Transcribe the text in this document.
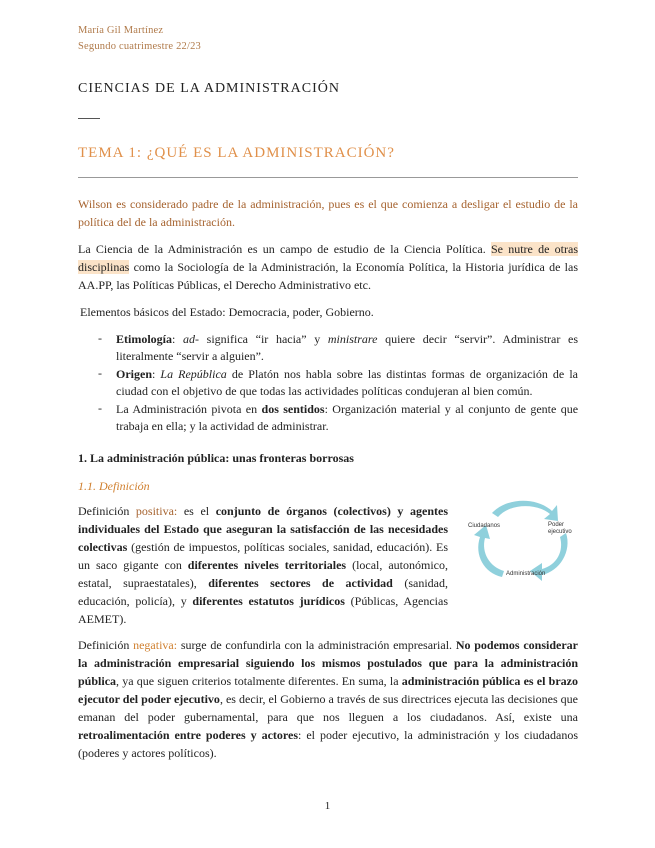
María Gil Martínez
Segundo cuatrimestre 22/23
CIENCIAS DE LA ADMINISTRACIÓN
TEMA 1: ¿QUÉ ES LA ADMINISTRACIÓN?
Wilson es considerado padre de la administración, pues es el que comienza a desligar el estudio de la política del de la administración.
La Ciencia de la Administración es un campo de estudio de la Ciencia Política. Se nutre de otras disciplinas como la Sociología de la Administración, la Economía Política, la Historia jurídica de las AA.PP, las Políticas Públicas, el Derecho Administrativo etc.
Elementos básicos del Estado: Democracia, poder, Gobierno.
- Etimología: ad- significa “ir hacia” y ministrare quiere decir “servir”. Administrar es literalmente “servir a alguien”.
- Origen: La República de Platón nos habla sobre las distintas formas de organización de la ciudad con el objetivo de que todas las actividades políticas condujeran al bien común.
- La Administración pivota en dos sentidos: Organización material y al conjunto de gente que trabaja en ella; y la actividad de administrar.
1. La administración pública: unas fronteras borrosas
1.1. Definición
Definición positiva: es el conjunto de órganos (colectivos) y agentes individuales del Estado que aseguran la satisfacción de las necesidades colectivas (gestión de impuestos, políticas sociales, sanidad, educación). Es un saco gigante con diferentes niveles territoriales (local, autonómico, estatal, supraestatales), diferentes sectores de actividad (sanidad, educación, policía), y diferentes estatutos jurídicos (Públicas, Agencias AEMET).
Ciudadanos	Poder
ejecutivo
Administración
Definición negativa: surge de confundirla con la administración empresarial. No podemos considerar la administración empresarial siguiendo los mismos postulados que para la administración pública, ya que siguen criterios totalmente diferentes. En suma, la administración pública es el brazo ejecutor del poder ejecutivo, es decir, el Gobierno a través de sus directrices ejecuta las decisiones que emanan del poder gubernamental, para que nos lleguen a los ciudadanos. Así, existe una retroalimentación entre poderes y actores: el poder ejecutivo, la administración y los ciudadanos (poderes y actores políticos).
1
